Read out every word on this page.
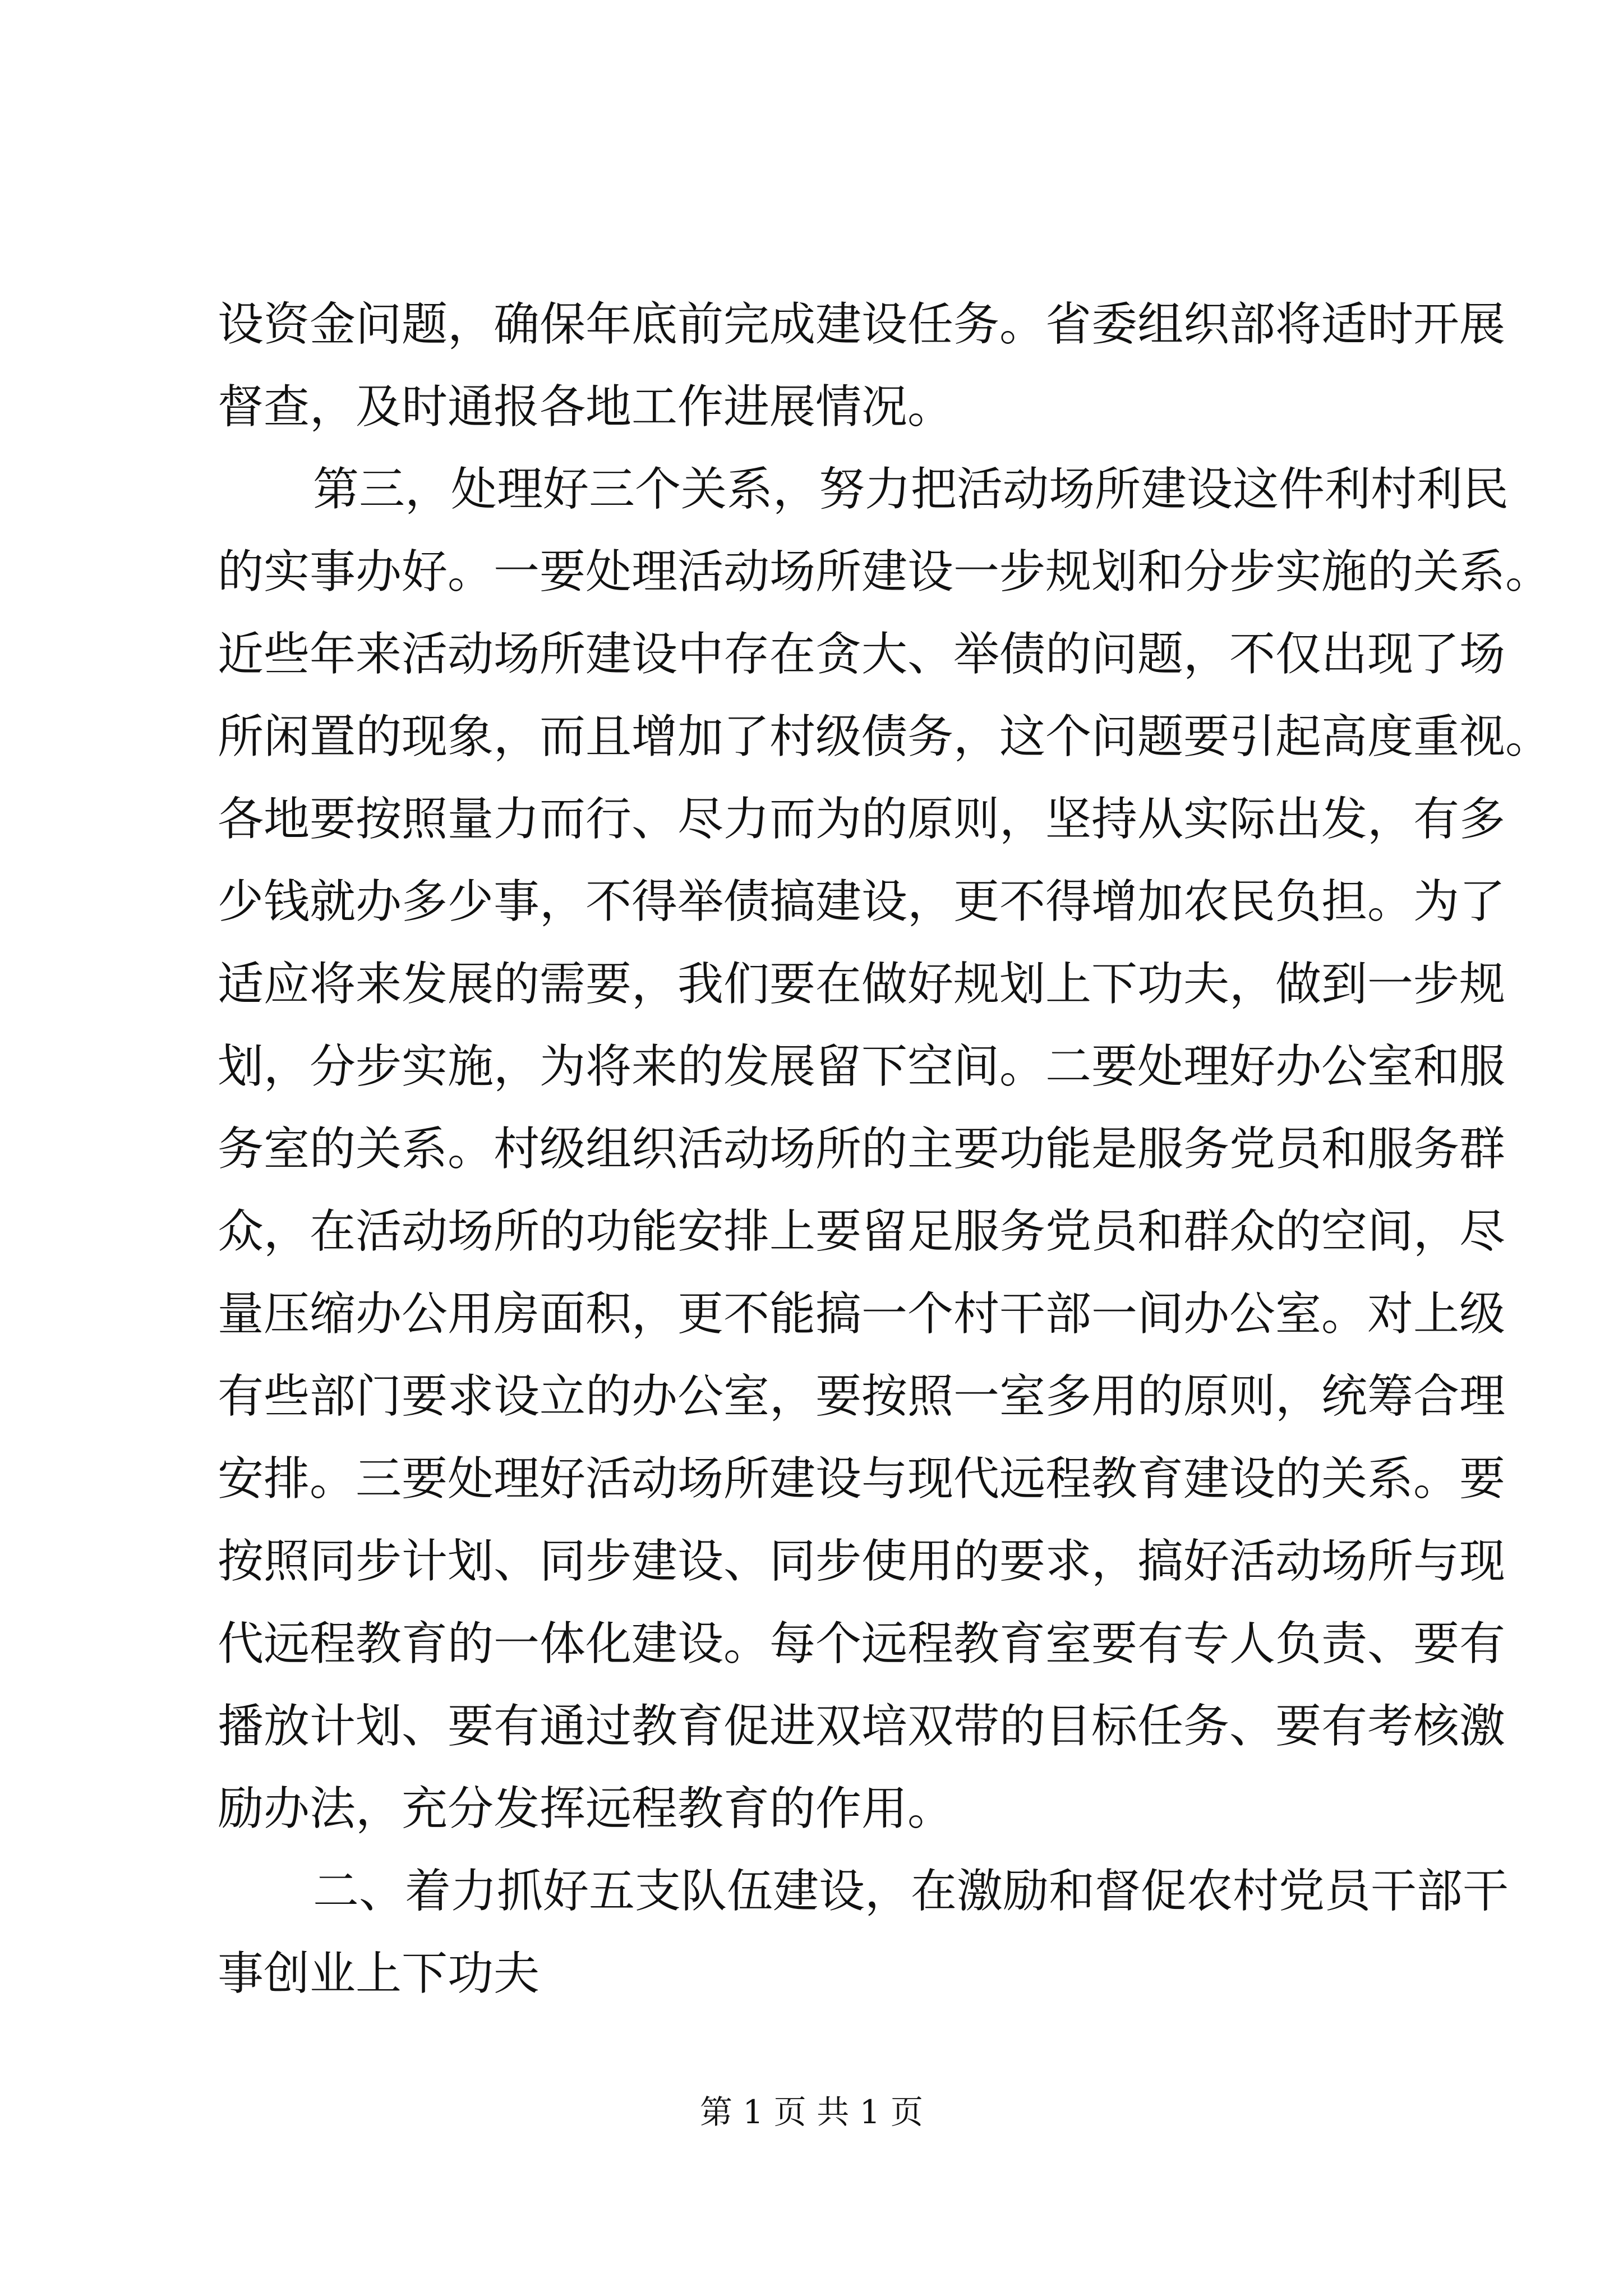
设资金问题，确保年底前完成建设任务。省委组织部将适时开展
督查，及时通报各地工作进展情况。
第三，处理好三个关系，努力把活动场所建设这件利村利民
的实事办好。一要处理活动场所建设一步规划和分步实施的关系。
近些年来活动场所建设中存在贪大、举债的问题，不仅出现了场
所闲置的现象，而且增加了村级债务，这个问题要引起高度重视。
各地要按照量力而行、尽力而为的原则，坚持从实际出发，有多
少钱就办多少事，不得举债搞建设，更不得增加农民负担。为了
适应将来发展的需要，我们要在做好规划上下功夫，做到一步规
划，分步实施，为将来的发展留下空间。二要处理好办公室和服
务室的关系。村级组织活动场所的主要功能是服务党员和服务群
众，在活动场所的功能安排上要留足服务党员和群众的空间，尽
量压缩办公用房面积，更不能搞一个村干部一间办公室。对上级
有些部门要求设立的办公室，要按照一室多用的原则，统筹合理
安排。三要处理好活动场所建设与现代远程教育建设的关系。要
按照同步计划、同步建设、同步使用的要求，搞好活动场所与现
代远程教育的一体化建设。每个远程教育室要有专人负责、要有
播放计划、要有通过教育促进双培双带的目标任务、要有考核激
励办法，充分发挥远程教育的作用。
二、着力抓好五支队伍建设，在激励和督促农村党员干部干
事创业上下功夫
第 1 页 共 1 页
